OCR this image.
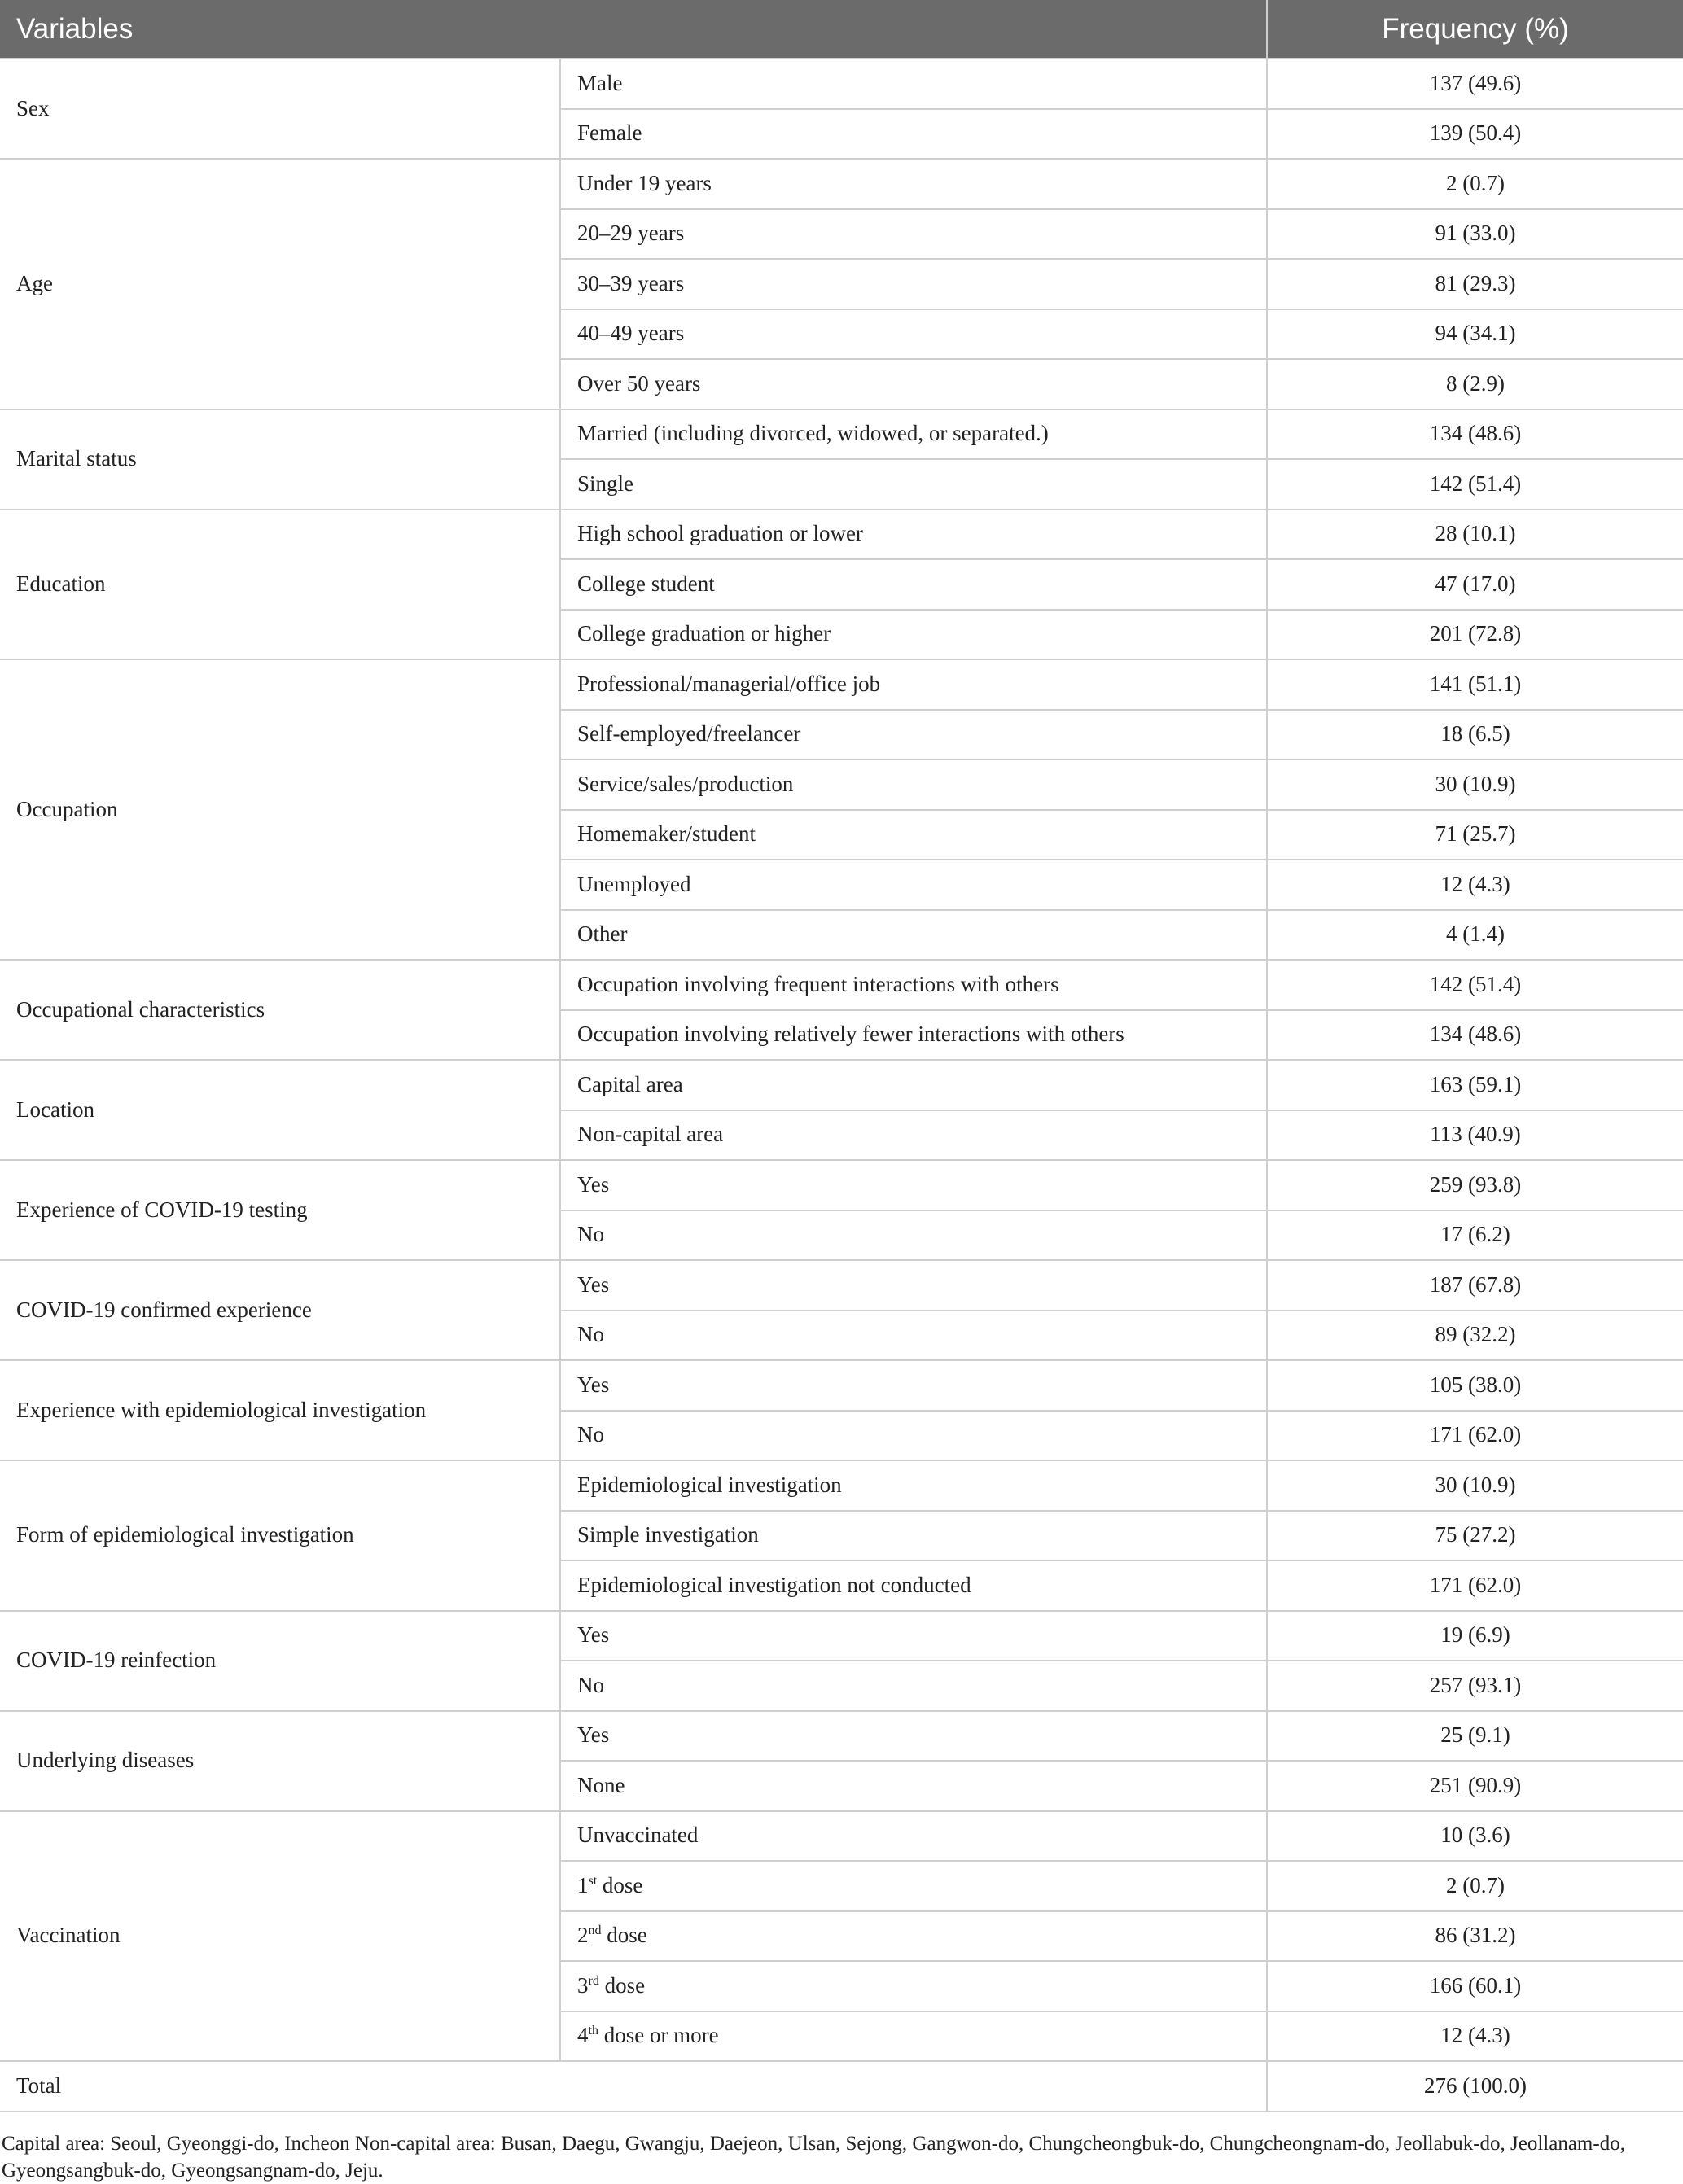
Variables		Frequency (%)
Sex	Male	137 (49.6)
	Female	139 (50.4)
Age	Under 19 years	2 (0.7)
	20–29 years	91 (33.0)
	30–39 years	81 (29.3)
	40–49 years	94 (34.1)
	Over 50 years	8 (2.9)
Marital status	Married (including divorced, widowed, or separated.)	134 (48.6)
	Single	142 (51.4)
Education	High school graduation or lower	28 (10.1)
	College student	47 (17.0)
	College graduation or higher	201 (72.8)
Occupation	Professional/managerial/office job	141 (51.1)
	Self-employed/freelancer	18 (6.5)
	Service/sales/production	30 (10.9)
	Homemaker/student	71 (25.7)
	Unemployed	12 (4.3)
	Other	4 (1.4)
Occupational characteristics	Occupation involving frequent interactions with others	142 (51.4)
	Occupation involving relatively fewer interactions with others	134 (48.6)
Location	Capital area	163 (59.1)
	Non-capital area	113 (40.9)
Experience of COVID-19 testing	Yes	259 (93.8)
	No	17 (6.2)
COVID-19 confirmed experience	Yes	187 (67.8)
	No	89 (32.2)
Experience with epidemiological investigation	Yes	105 (38.0)
	No	171 (62.0)
Form of epidemiological investigation	Epidemiological investigation	30 (10.9)
	Simple investigation	75 (27.2)
	Epidemiological investigation not conducted	171 (62.0)
COVID-19 reinfection	Yes	19 (6.9)
	No	257 (93.1)
Underlying diseases	Yes	25 (9.1)
	None	251 (90.9)
Vaccination	Unvaccinated	10 (3.6)
	1st dose	2 (0.7)
	2nd dose	86 (31.2)
	3rd dose	166 (60.1)
	4th dose or more	12 (4.3)
Total		276 (100.0)
Capital area: Seoul, Gyeonggi-do, Incheon Non-capital area: Busan, Daegu, Gwangju, Daejeon, Ulsan, Sejong, Gangwon-do, Chungcheongbuk-do, Chungcheongnam-do, Jeollabuk-do, Jeollanam-do, Gyeongsangbuk-do, Gyeongsangnam-do, Jeju.
